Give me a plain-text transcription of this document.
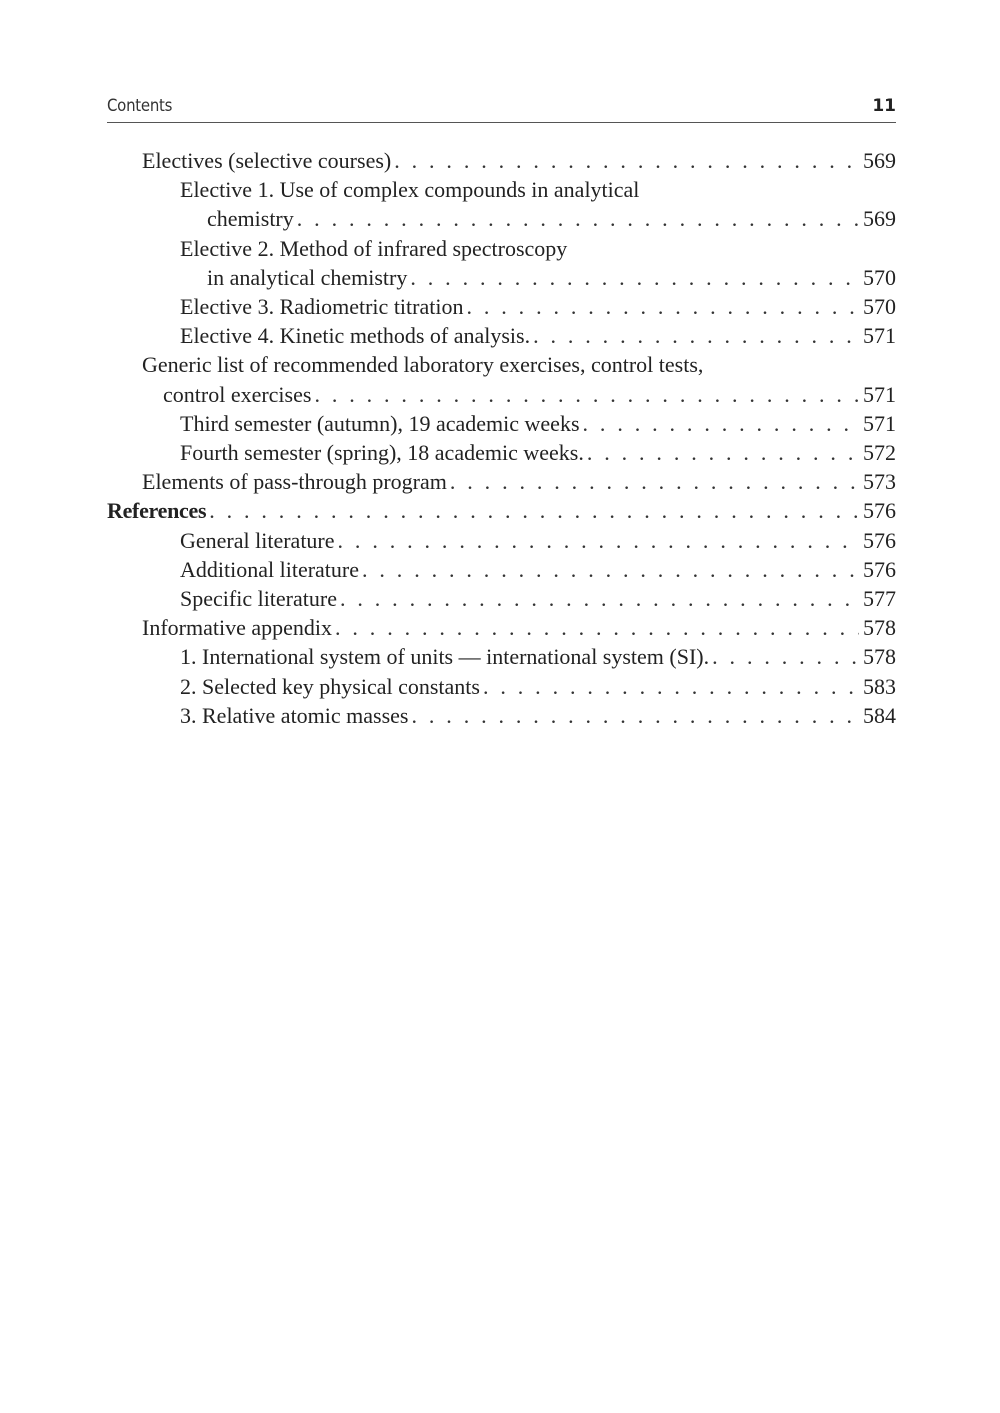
Contents	11
Electives (selective courses) . . .	569
Elective 1. Use of complex compounds in analytical
chemistry . . .	569
Elective 2. Method of infrared spectroscopy
in analytical chemistry . . .	570
Elective 3. Radiometric titration . . .	570
Elective 4. Kinetic methods of analysis. . . .	571
Generic list of recommended laboratory exercises, control tests,
control exercises . . .	571
Third semester (autumn), 19 academic weeks . . .	571
Fourth semester (spring), 18 academic weeks. . . .	572
Elements of pass-through program . . .	573
References . . .	576
General literature . . .	576
Additional literature . . .	576
Specific literature . . .	577
Informative appendix . . .	578
1. International system of units — international system (SI). . . .	578
2. Selected key physical constants . . .	583
3. Relative atomic masses . . .	584
